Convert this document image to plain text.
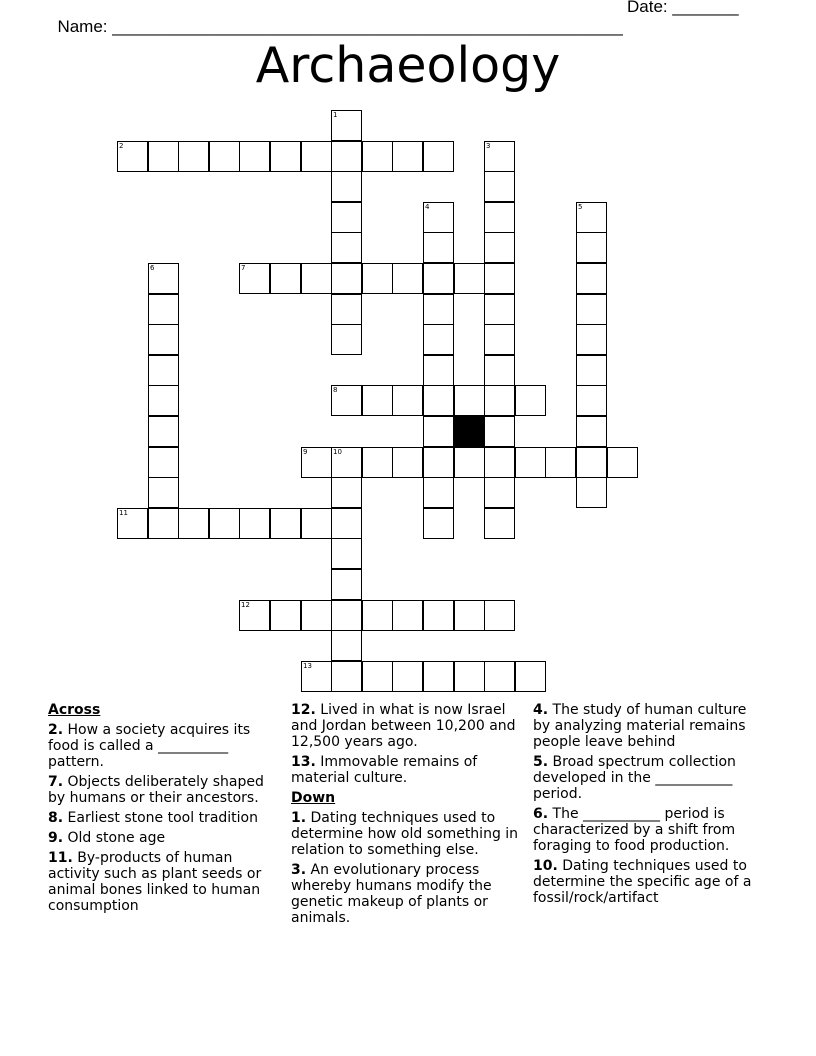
Name: ______________________________________________________

Date: _______

Archaeology
2
7
8
9	10
11
12
13
1
3
4	5
6
Across
2. How a society acquires its food is called a __________ pattern.
7. Objects deliberately shaped by humans or their ancestors.
8. Earliest stone tool tradition
9. Old stone age
11. By-products of human activity such as plant seeds or animal bones linked to human consumption
12. Lived in what is now Israel and Jordan between 10,200 and 12,500 years ago.
13. Immovable remains of material culture.
Down
1. Dating techniques used to determine how old something in relation to something else.
3. An evolutionary process whereby humans modify the genetic makeup of plants or animals.
4. The study of human culture by analyzing material remains people leave behind
5. Broad spectrum collection developed in the ___________ period.
6. The ___________ period is characterized by a shift from foraging to food production.
10. Dating techniques used to determine the specific age of a fossil/rock/artifact
